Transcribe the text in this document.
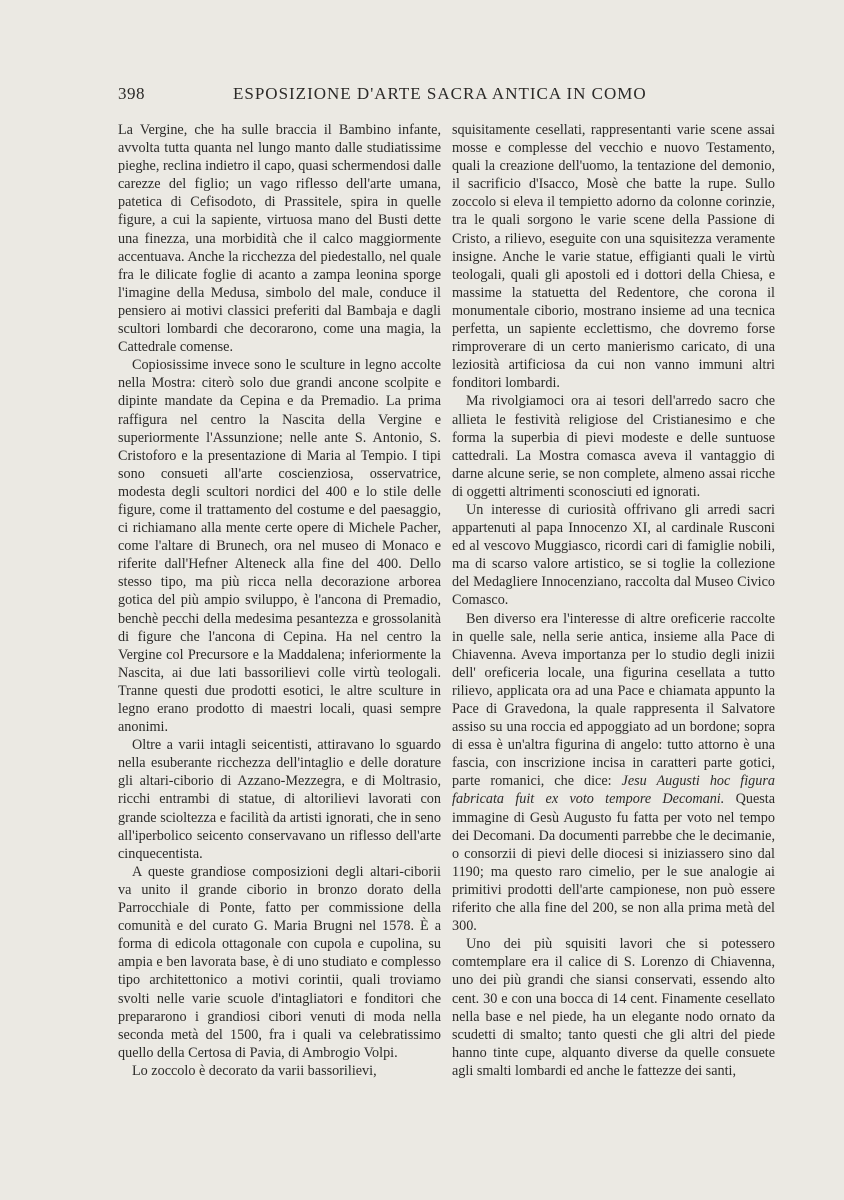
398	ESPOSIZIONE D'ARTE SACRA ANTICA IN COMO

La Vergine, che ha sulle braccia il Bambino infante, avvolta tutta quanta nel lungo manto dalle studiatissime pieghe, reclina indietro il capo, quasi schermendosi dalle carezze del figlio; un vago riflesso dell'arte umana, patetica di Cefisodoto, di Prassitele, spira in quelle figure, a cui la sapiente, virtuosa mano del Busti dette una finezza, una morbidità che il calco maggiormente accentuava. Anche la ricchezza del piedestallo, nel quale fra le dilicate foglie di acanto a zampa leonina sporge l'imagine della Medusa, simbolo del male, conduce il pensiero ai motivi classici preferiti dal Bambaja e dagli scultori lombardi che decorarono, come una magia, la Cattedrale comense.

Copiosissime invece sono le sculture in legno accolte nella Mostra: citerò solo due grandi ancone scolpite e dipinte mandate da Cepina e da Premadio. La prima raffigura nel centro la Nascita della Vergine e superiormente l'Assunzione; nelle ante S. Antonio, S. Cristoforo e la presentazione di Maria al Tempio. I tipi sono consueti all'arte coscienziosa, osservatrice, modesta degli scultori nordici del 400 e lo stile delle figure, come il trattamento del costume e del paesaggio, ci richiamano alla mente certe opere di Michele Pacher, come l'altare di Brunech, ora nel museo di Monaco e riferite dall'Hefner Alteneck alla fine del 400. Dello stesso tipo, ma più ricca nella decorazione arborea gotica del più ampio sviluppo, è l'ancona di Premadio, benchè pecchi della medesima pesantezza e grossolanità di figure che l'ancona di Cepina. Ha nel centro la Vergine col Precursore e la Maddalena; inferiormente la Nascita, ai due lati bassorilievi colle virtù teologali. Tranne questi due prodotti esotici, le altre sculture in legno erano prodotto di maestri locali, quasi sempre anonimi.

Oltre a varii intagli seicentisti, attiravano lo sguardo nella esuberante ricchezza dell'intaglio e delle dorature gli altari-ciborio di Azzano-Mezzegra, e di Moltrasio, ricchi entrambi di statue, di altorilievi lavorati con grande scioltezza e facilità da artisti ignorati, che in seno all'iperbolico seicento conservavano un riflesso dell'arte cinquecentista.

A queste grandiose composizioni degli altari-ciborii va unito il grande ciborio in bronzo dorato della Parrocchiale di Ponte, fatto per commissione della comunità e del curato G. Maria Brugni nel 1578. È a forma di edicola ottagonale con cupola e cupolina, su ampia e ben lavorata base, è di uno studiato e complesso tipo architettonico a motivi corintii, quali troviamo svolti nelle varie scuole d'intagliatori e fonditori che prepararono i grandiosi cibori venuti di moda nella seconda metà del 1500, fra i quali va celebratissimo quello della Certosa di Pavia, di Ambrogio Volpi.

Lo zoccolo è decorato da varii bassorilievi,

squisitamente cesellati, rappresentanti varie scene assai mosse e complesse del vecchio e nuovo Testamento, quali la creazione dell'uomo, la tentazione del demonio, il sacrificio d'Isacco, Mosè che batte la rupe. Sullo zoccolo si eleva il tempietto adorno da colonne corinzie, tra le quali sorgono le varie scene della Passione di Cristo, a rilievo, eseguite con una squisitezza veramente insigne. Anche le varie statue, effigianti quali le virtù teologali, quali gli apostoli ed i dottori della Chiesa, e massime la statuetta del Redentore, che corona il monumentale ciborio, mostrano insieme ad una tecnica perfetta, un sapiente ecclettismo, che dovremo forse rimproverare di un certo manierismo caricato, di una leziosità artificiosa da cui non vanno immuni altri fonditori lombardi.

Ma rivolgiamoci ora ai tesori dell'arredo sacro che allieta le festività religiose del Cristianesimo e che forma la superbia di pievi modeste e delle suntuose cattedrali. La Mostra comasca aveva il vantaggio di darne alcune serie, se non complete, almeno assai ricche di oggetti altrimenti sconosciuti ed ignorati.

Un interesse di curiosità offrivano gli arredi sacri appartenuti al papa Innocenzo XI, al cardinale Rusconi ed al vescovo Muggiasco, ricordi cari di famiglie nobili, ma di scarso valore artistico, se si toglie la collezione del Medagliere Innocenziano, raccolta dal Museo Civico Comasco.

Ben diverso era l'interesse di altre oreficerie raccolte in quelle sale, nella serie antica, insieme alla Pace di Chiavenna. Aveva importanza per lo studio degli inizii dell' oreficeria locale, una figurina cesellata a tutto rilievo, applicata ora ad una Pace e chiamata appunto la Pace di Gravedona, la quale rappresenta il Salvatore assiso su una roccia ed appoggiato ad un bordone; sopra di essa è un'altra figurina di angelo: tutto attorno è una fascia, con inscrizione incisa in caratteri parte gotici, parte romanici, che dice: Jesu Augusti hoc figura fabricata fuit ex voto tempore Decomani. Questa immagine di Gesù Augusto fu fatta per voto nel tempo dei Decomani. Da documenti parrebbe che le decimanie, o consorzii di pievi delle diocesi si iniziassero sino dal 1190; ma questo raro cimelio, per le sue analogie ai primitivi prodotti dell'arte campionese, non può essere riferito che alla fine del 200, se non alla prima metà del 300.

Uno dei più squisiti lavori che si potessero comtemplare era il calice di S. Lorenzo di Chiavenna, uno dei più grandi che siansi conservati, essendo alto cent. 30 e con una bocca di 14 cent. Finamente cesellato nella base e nel piede, ha un elegante nodo ornato da scudetti di smalto; tanto questi che gli altri del piede hanno tinte cupe, alquanto diverse da quelle consuete agli smalti lombardi ed anche le fattezze dei santi,
